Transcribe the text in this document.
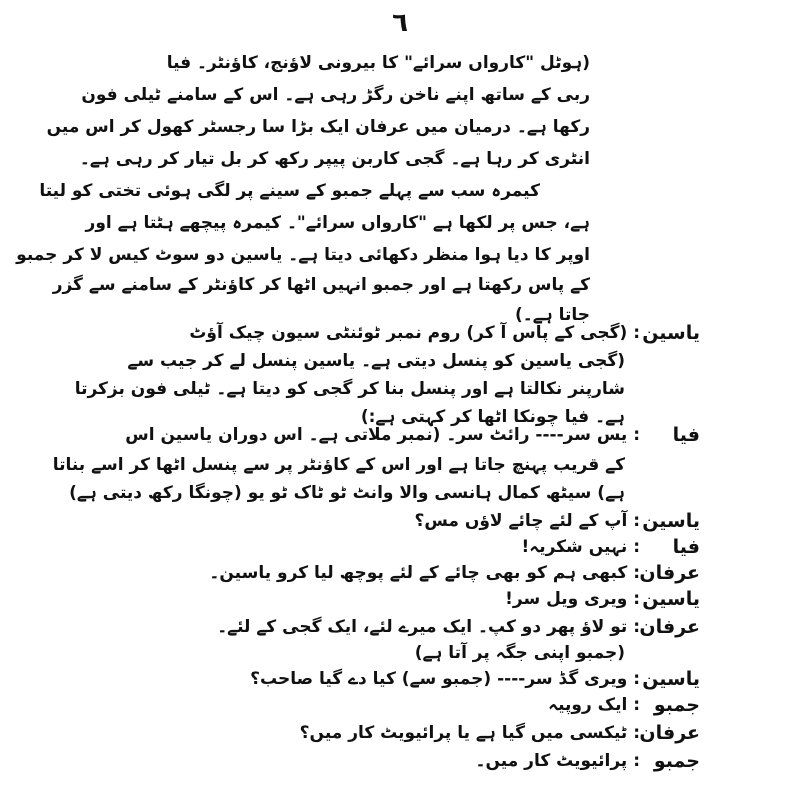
٦
(ہوٹل "کارواں سرائے" کا بیرونی لاؤنج، کاؤنٹر۔ فیا
ربی کے ساتھ اپنے ناخن رگڑ رہی ہے۔ اس کے سامنے ٹیلی فون
رکھا ہے۔ درمیان میں عرفان ایک بڑا سا رجسٹر کھول کر اس میں
انٹری کر رہا ہے۔ گجی کاربن پیپر رکھ کر بل تیار کر رہی ہے۔
کیمرہ سب سے پہلے جمبو کے سینے پر لگی ہوئی تختی کو لیتا
ہے، جس پر لکھا ہے "کارواں سرائے"۔ کیمرہ پیچھے ہٹتا ہے اور
اوپر کا دیا ہوا منظر دکھائی دیتا ہے۔ یاسین دو سوٹ کیس لا کر جمبو
کے پاس رکھتا ہے اور جمبو انہیں اٹھا کر کاؤنٹر کے سامنے سے گزر
جاتا ہے۔)
یاسین
: (گجی کے پاس آ کر) روم نمبر ٹوئنٹی سیون چیک آؤٹ
(گجی یاسین کو پنسل دیتی ہے۔ یاسین پنسل لے کر جیب سے
شارپنر نکالتا ہے اور پنسل بنا کر گجی کو دیتا ہے۔ ٹیلی فون بزکرتا
ہے۔ فیا چونکا اٹھا کر کہتی ہے:)
فیا
: یس سر---- رائٹ سر۔ (نمبر ملاتی ہے۔ اس دوران یاسین اس
کے قریب پہنچ جاتا ہے اور اس کے کاؤنٹر پر سے پنسل اٹھا کر اسے بناتا
ہے) سیٹھ کمال ہانسی والا وانٹ ٹو ٹاک ٹو یو (چونگا رکھ دیتی ہے)
یاسین
: آپ کے لئے چائے لاؤں مس؟
فیا
: نہیں شکریہ!
عرفان
: کبھی ہم کو بھی چائے کے لئے پوچھ لیا کرو یاسین۔
یاسین
: ویری ویل سر!
عرفان
: تو لاؤ پھر دو کپ۔ ایک میرے لئے، ایک گجی کے لئے۔
(جمبو اپنی جگہ پر آتا ہے)
یاسین
: ویری گڈ سر---- (جمبو سے) کیا دے گیا صاحب؟
جمبو
: ایک روپیہ
عرفان
: ٹیکسی میں گیا ہے یا پرائیویٹ کار میں؟
جمبو
: پرائیویٹ کار میں۔
